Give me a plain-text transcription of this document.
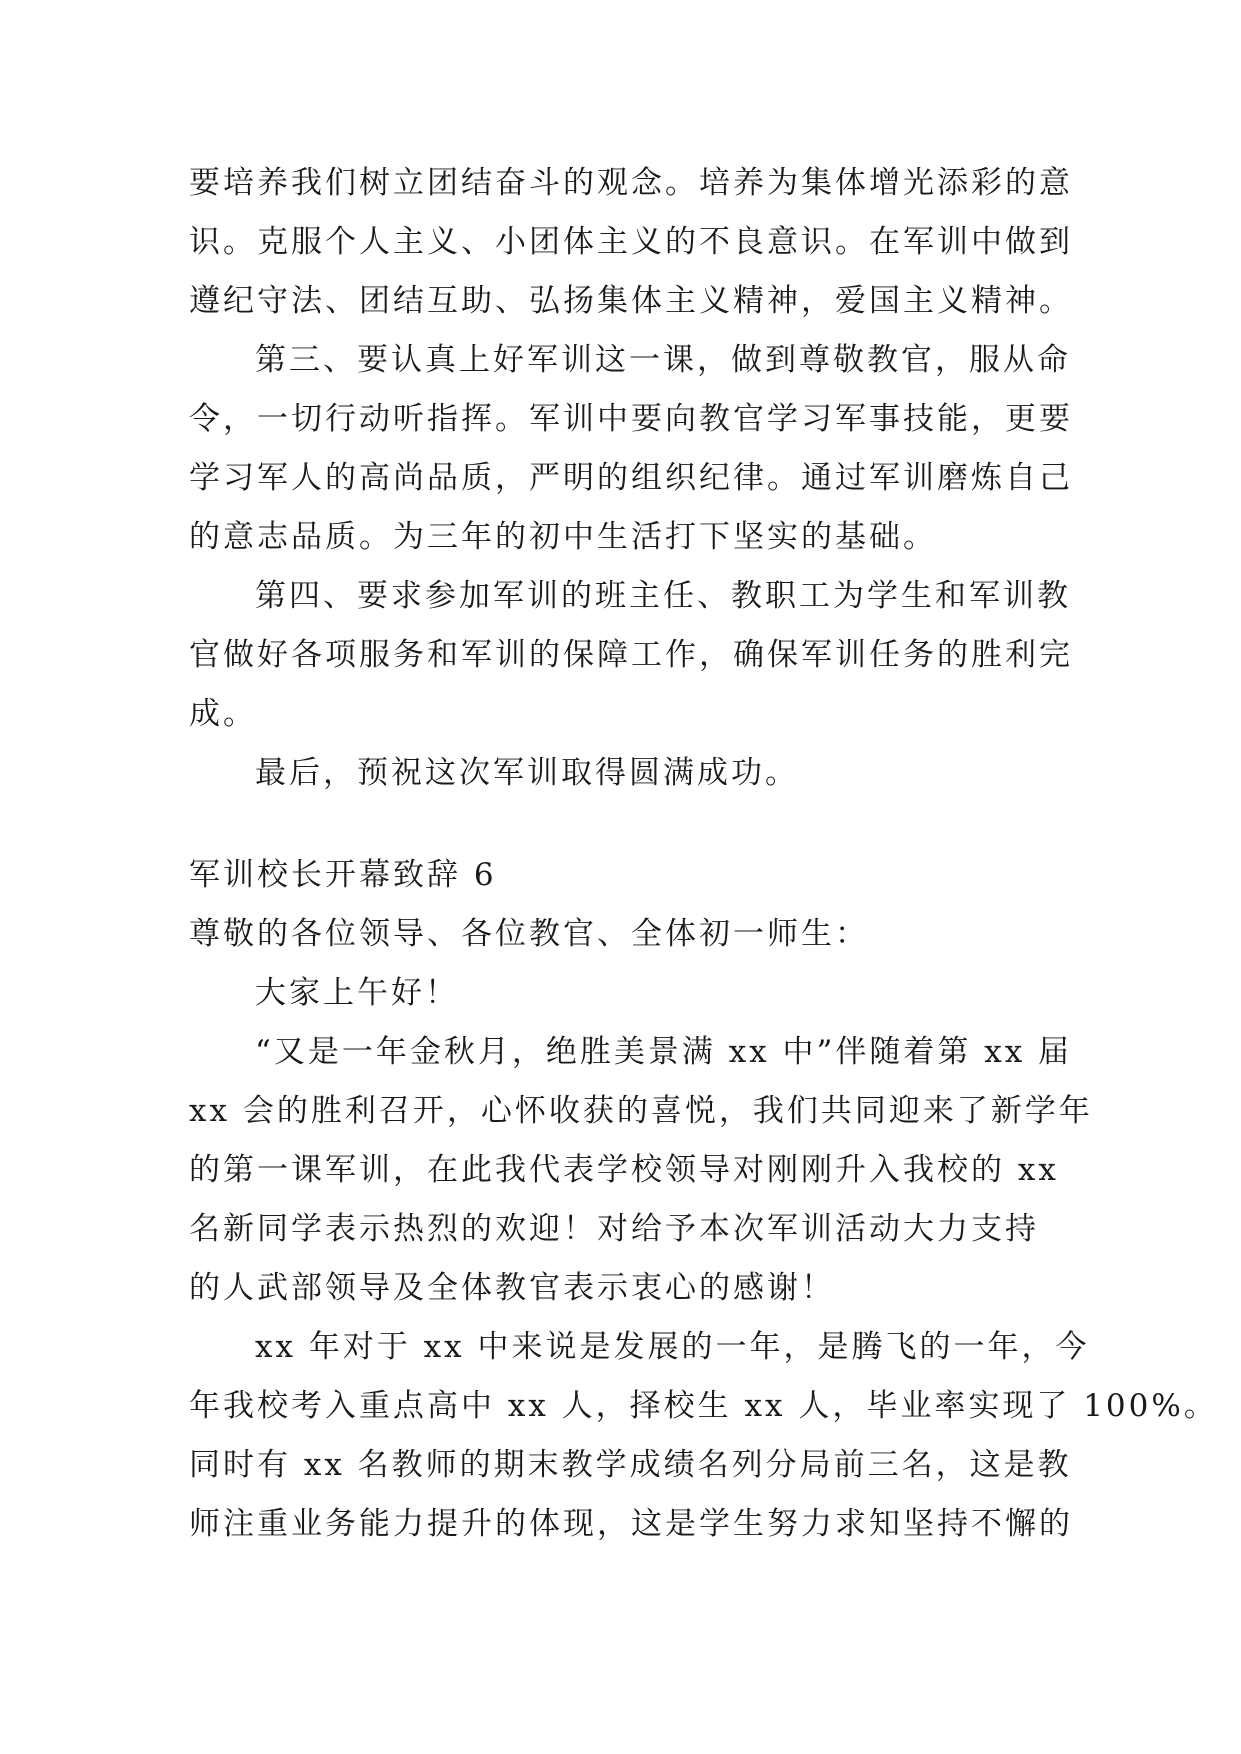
要培养我们树立团结奋斗的观念。培养为集体增光添彩的意
识。克服个人主义、小团体主义的不良意识。在军训中做到
遵纪守法、团结互助、弘扬集体主义精神，爱国主义精神。
第三、要认真上好军训这一课，做到尊敬教官，服从命
令，一切行动听指挥。军训中要向教官学习军事技能，更要
学习军人的高尚品质，严明的组织纪律。通过军训磨炼自己
的意志品质。为三年的初中生活打下坚实的基础。
第四、要求参加军训的班主任、教职工为学生和军训教
官做好各项服务和军训的保障工作，确保军训任务的胜利完
成。
最后，预祝这次军训取得圆满成功。
军训校长开幕致辞 6
尊敬的各位领导、各位教官、全体初一师生：
大家上午好！
“又是一年金秋月，绝胜美景满 xx 中”伴随着第 xx 届
xx 会的胜利召开，心怀收获的喜悦，我们共同迎来了新学年
的第一课军训，在此我代表学校领导对刚刚升入我校的 xx
名新同学表示热烈的欢迎！对给予本次军训活动大力支持
的人武部领导及全体教官表示衷心的感谢！
xx 年对于 xx 中来说是发展的一年，是腾飞的一年，今
年我校考入重点高中 xx 人，择校生 xx 人，毕业率实现了 100%。
同时有 xx 名教师的期末教学成绩名列分局前三名，这是教
师注重业务能力提升的体现，这是学生努力求知坚持不懈的
